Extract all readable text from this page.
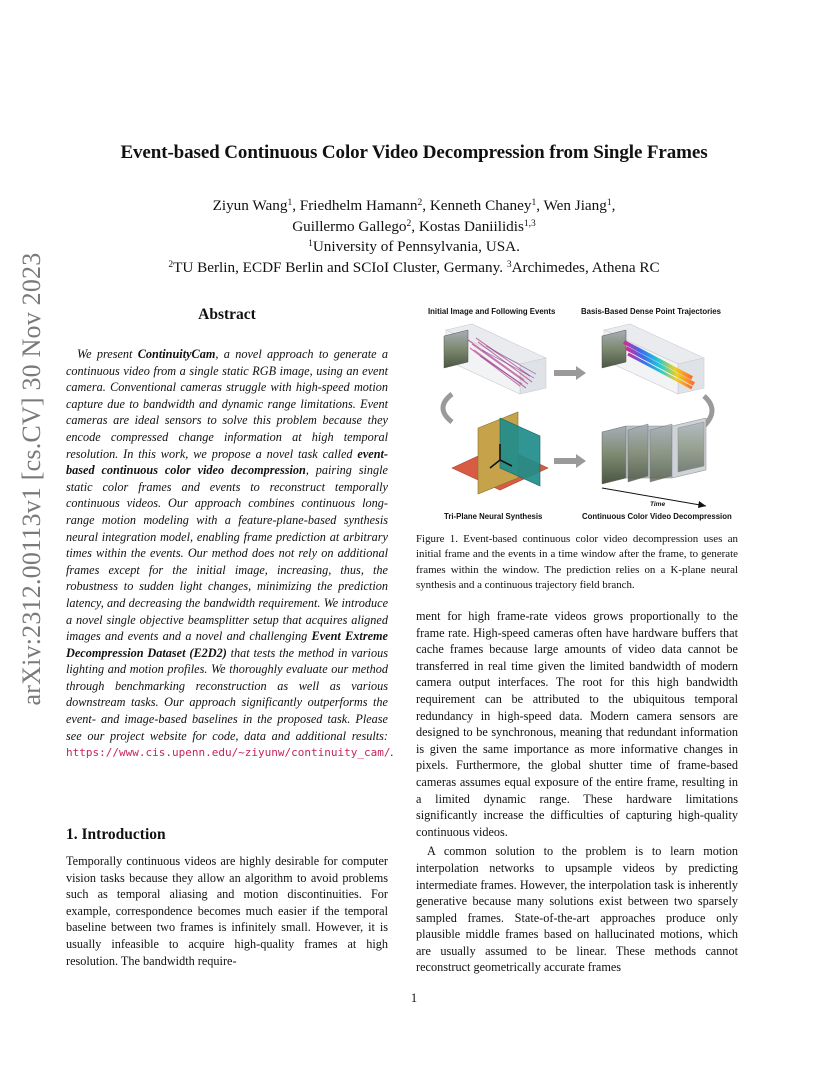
arXiv:2312.00113v1 [cs.CV] 30 Nov 2023
Event-based Continuous Color Video Decompression from Single Frames
Ziyun Wang$^1$, Friedhelm Hamann$^2$, Kenneth Chaney$^1$, Wen Jiang$^1$,
Guillermo Gallego$^2$, Kostas Daniilidis$^{1,3}$
$^1$University of Pennsylvania, USA.
$^2$TU Berlin, ECDF Berlin and SCIoI Cluster, Germany. $^3$Archimedes, Athena RC
Abstract

We present ContinuityCam, a novel approach to generate a continuous video from a single static RGB image, using an event camera. Conventional cameras struggle with high-speed motion capture due to bandwidth and dynamic range limitations. Event cameras are ideal sensors to solve this problem because they encode compressed change information at high temporal resolution. In this work, we propose a novel task called event-based continuous color video decompression, pairing single static color frames and events to reconstruct temporally continuous videos. Our approach combines continuous long-range motion modeling with a feature-plane-based synthesis neural integration model, enabling frame prediction at arbitrary times within the events. Our method does not rely on additional frames except for the initial image, increasing, thus, the robustness to sudden light changes, minimizing the prediction latency, and decreasing the bandwidth requirement. We introduce a novel single objective beamsplitter setup that acquires aligned images and events and a novel and challenging Event Extreme Decompression Dataset (E2D2) that tests the method in various lighting and motion profiles. We thoroughly evaluate our method through benchmarking reconstruction as well as various downstream tasks. Our approach significantly outperforms the event- and image-based baselines in the proposed task. Please see our project website for code, data and additional results: https://www.cis.upenn.edu/~ziyunw/continuity_cam/.

1. Introduction

Temporally continuous videos are highly desirable for computer vision tasks because they allow an algorithm to avoid problems such as temporal aliasing and motion discontinuities. For example, correspondence becomes much easier if the temporal baseline between two frames is infinitely small. However, it is usually infeasible to acquire high-quality frames at high resolution. The bandwidth require-

Initial Image and Following Events	Basis-Based Dense Point Trajectories
Tri-Plane Neural Synthesis	Continuous Color Video Decompression
Time
Figure 1. Event-based continuous color video decompression uses an initial frame and the events in a time window after the frame, to generate frames within the window. The prediction relies on a K-plane neural synthesis and a continuous trajectory field branch.

ment for high frame-rate videos grows proportionally to the frame rate. High-speed cameras often have hardware buffers that cache frames because large amounts of video data cannot be transferred in real time given the limited bandwidth of modern camera output interfaces. The root for this high bandwidth requirement can be attributed to the ubiquitous temporal redundancy in high-speed data. Modern camera sensors are designed to be synchronous, meaning that redundant information is given the same importance as more informative changes in pixels. Furthermore, the global shutter time of frame-based cameras assumes equal exposure of the entire frame, resulting in a limited dynamic range. These hardware limitations significantly increase the difficulties of capturing high-quality continuous videos.

A common solution to the problem is to learn motion interpolation networks to upsample videos by predicting intermediate frames. However, the interpolation task is inherently generative because many solutions exist between two sparsely sampled frames. State-of-the-art approaches produce only plausible middle frames based on hallucinated motions, which are usually assumed to be linear. These methods cannot reconstruct geometrically accurate frames

1
